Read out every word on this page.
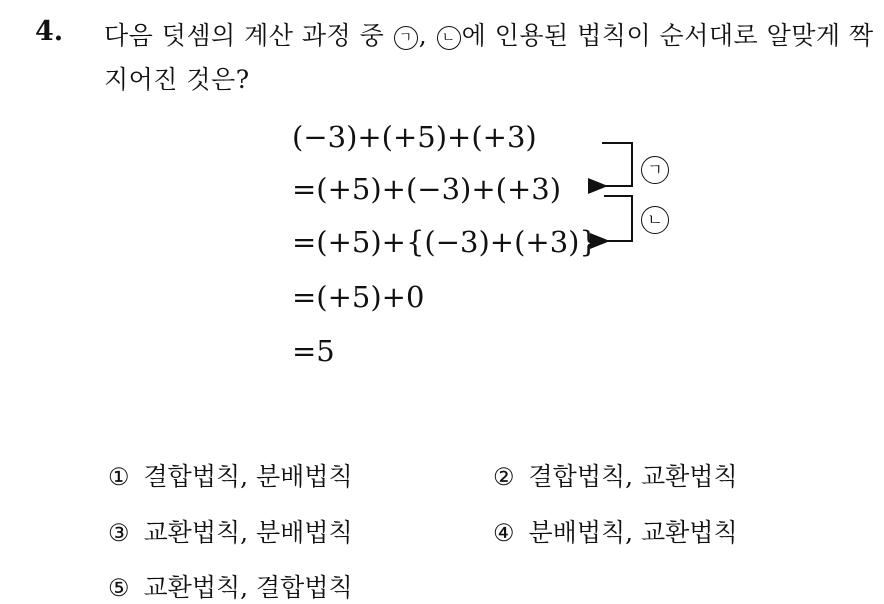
4. 다음 덧셈의 계산 과정 중 ㄱ , ㄴ 에 인용된 법칙이 순서대로 알맞게 짝지어진 것은?
(−3)+(+5)+(+3)
=(+5)+(−3)+(+3)
=(+5)+{(−3)+(+3)}
=(+5)+0
=5
ㄱ
ㄴ
① 결합법칙, 분배법칙	② 결합법칙, 교환법칙
③ 교환법칙, 분배법칙	④ 분배법칙, 교환법칙
⑤ 교환법칙, 결합법칙
